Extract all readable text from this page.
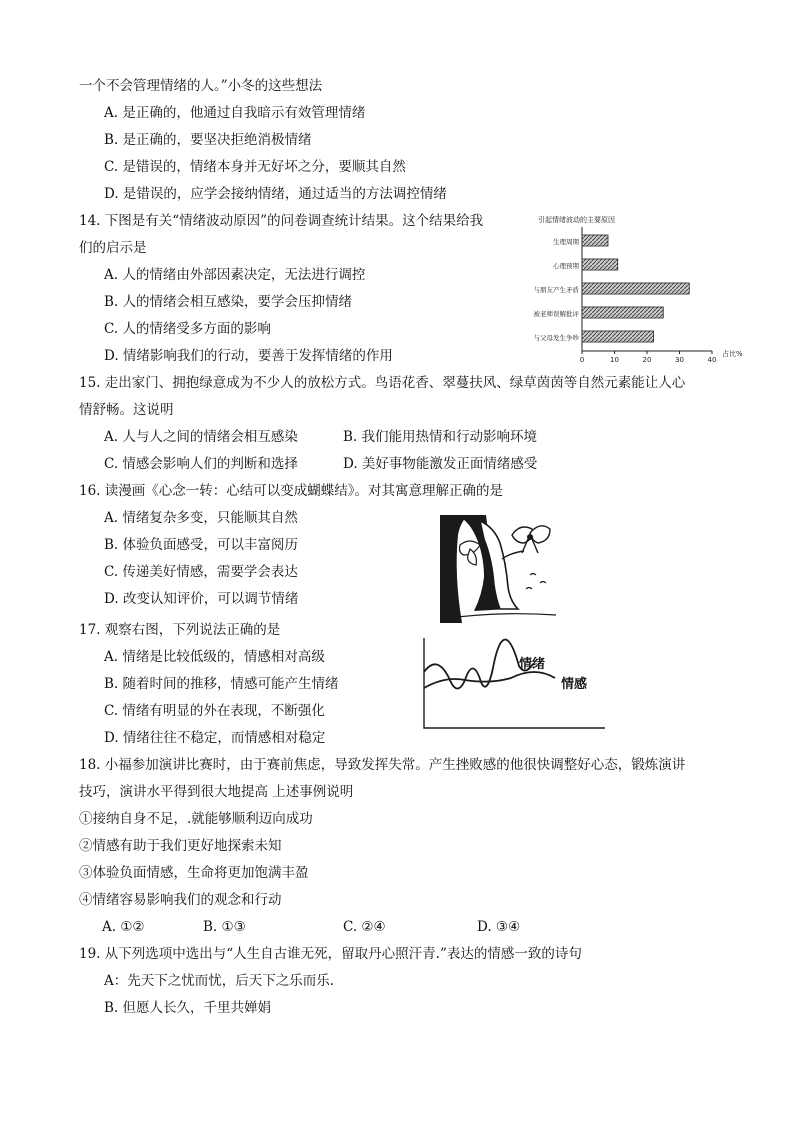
一个不会管理情绪的人。”小冬的这些想法
A. 是正确的，他通过自我暗示有效管理情绪
B. 是正确的，要坚决拒绝消极情绪
C. 是错误的，情绪本身并无好坏之分，要顺其自然
D. 是错误的，应学会接纳情绪，通过适当的方法调控情绪
14. 下图是有关“情绪波动原因”的问卷调查统计结果。这个结果给我
们的启示是
A. 人的情绪由外部因素决定，无法进行调控
B. 人的情绪会相互感染，要学会压抑情绪
C. 人的情绪受多方面的影响
D. 情绪影响我们的行动，要善于发挥情绪的作用
引起情绪波动的主要原因
生理周期
心理预期
与朋友产生矛盾
被老师误解批评
与父母发生争吵
0	10	20	30	40
占比%
15. 走出家门、拥抱绿意成为不少人的放松方式。鸟语花香、翠蔓扶风、绿草茵茵等自然元素能让人心
情舒畅。这说明
A. 人与人之间的情绪会相互感染	B. 我们能用热情和行动影响环境
C. 情感会影响人们的判断和选择	D. 美好事物能激发正面情绪感受
16. 读漫画《心念一转：心结可以变成蝴蝶结》。对其寓意理解正确的是
A. 情绪复杂多变，只能顺其自然
B. 体验负面感受，可以丰富阅历
C. 传递美好情感，需要学会表达
D. 改变认知评价，可以调节情绪
17. 观察右图，下列说法正确的是
A. 情绪是比较低级的，情感相对高级
B. 随着时间的推移，情感可能产生情绪
C. 情绪有明显的外在表现，不断强化
D. 情绪往往不稳定，而情感相对稳定
情绪
情感
18. 小福参加演讲比赛时，由于赛前焦虑，导致发挥失常。产生挫败感的他很快调整好心态，锻炼演讲
技巧，演讲水平得到很大地提高 上述事例说明
①接纳自身不足，.就能够顺利迈向成功
②情感有助于我们更好地探索未知
③体验负面情感，生命将更加饱满丰盈
④情绪容易影响我们的观念和行动
A. ①②	B. ①③	C. ②④	D. ③④
19. 从下列选项中选出与“人生自古谁无死，留取丹心照汗青.”表达的情感一致的诗句
A：先天下之忧而忧，后天下之乐而乐.
B. 但愿人长久，千里共婵娟
